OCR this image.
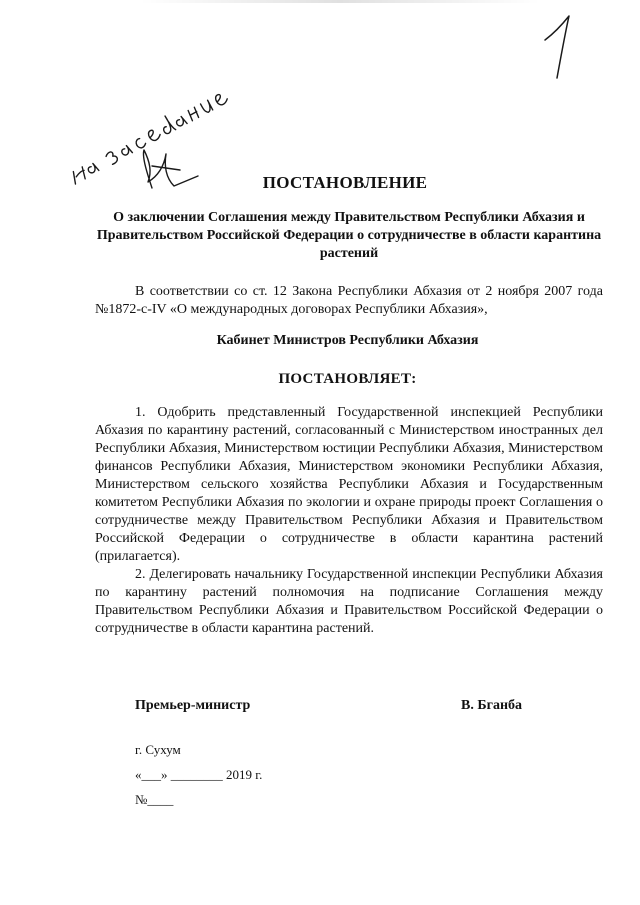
ПОСТАНОВЛЕНИЕ

О заключении Соглашения между Правительством Республики Абхазия и Правительством Российской Федерации о сотрудничестве в области карантина растений

В соответствии со ст. 12 Закона Республики Абхазия от 2 ноября 2007 года №1872-с-IV «О международных договорах Республики Абхазия»,

Кабинет Министров Республики Абхазия

ПОСТАНОВЛЯЕТ:

1. Одобрить представленный Государственной инспекцией Республики Абхазия по карантину растений, согласованный с Министерством иностранных дел Республики Абхазия, Министерством юстиции Республики Абхазия, Министерством финансов Республики Абхазия, Министерством экономики Республики Абхазия, Министерством сельского хозяйства Республики Абхазия и Государственным комитетом Республики Абхазия по экологии и охране природы проект Соглашения о сотрудничестве между Правительством Республики Абхазия и Правительством Российской Федерации о сотрудничестве в области карантина растений (прилагается).

2. Делегировать начальнику Государственной инспекции Республики Абхазия по карантину растений полномочия на подписание Соглашения между Правительством Республики Абхазия и Правительством Российской Федерации о сотрудничестве в области карантина растений.

Премьер-министр	В. Бганба

г. Сухум

«___» ________ 2019 г.

№____
